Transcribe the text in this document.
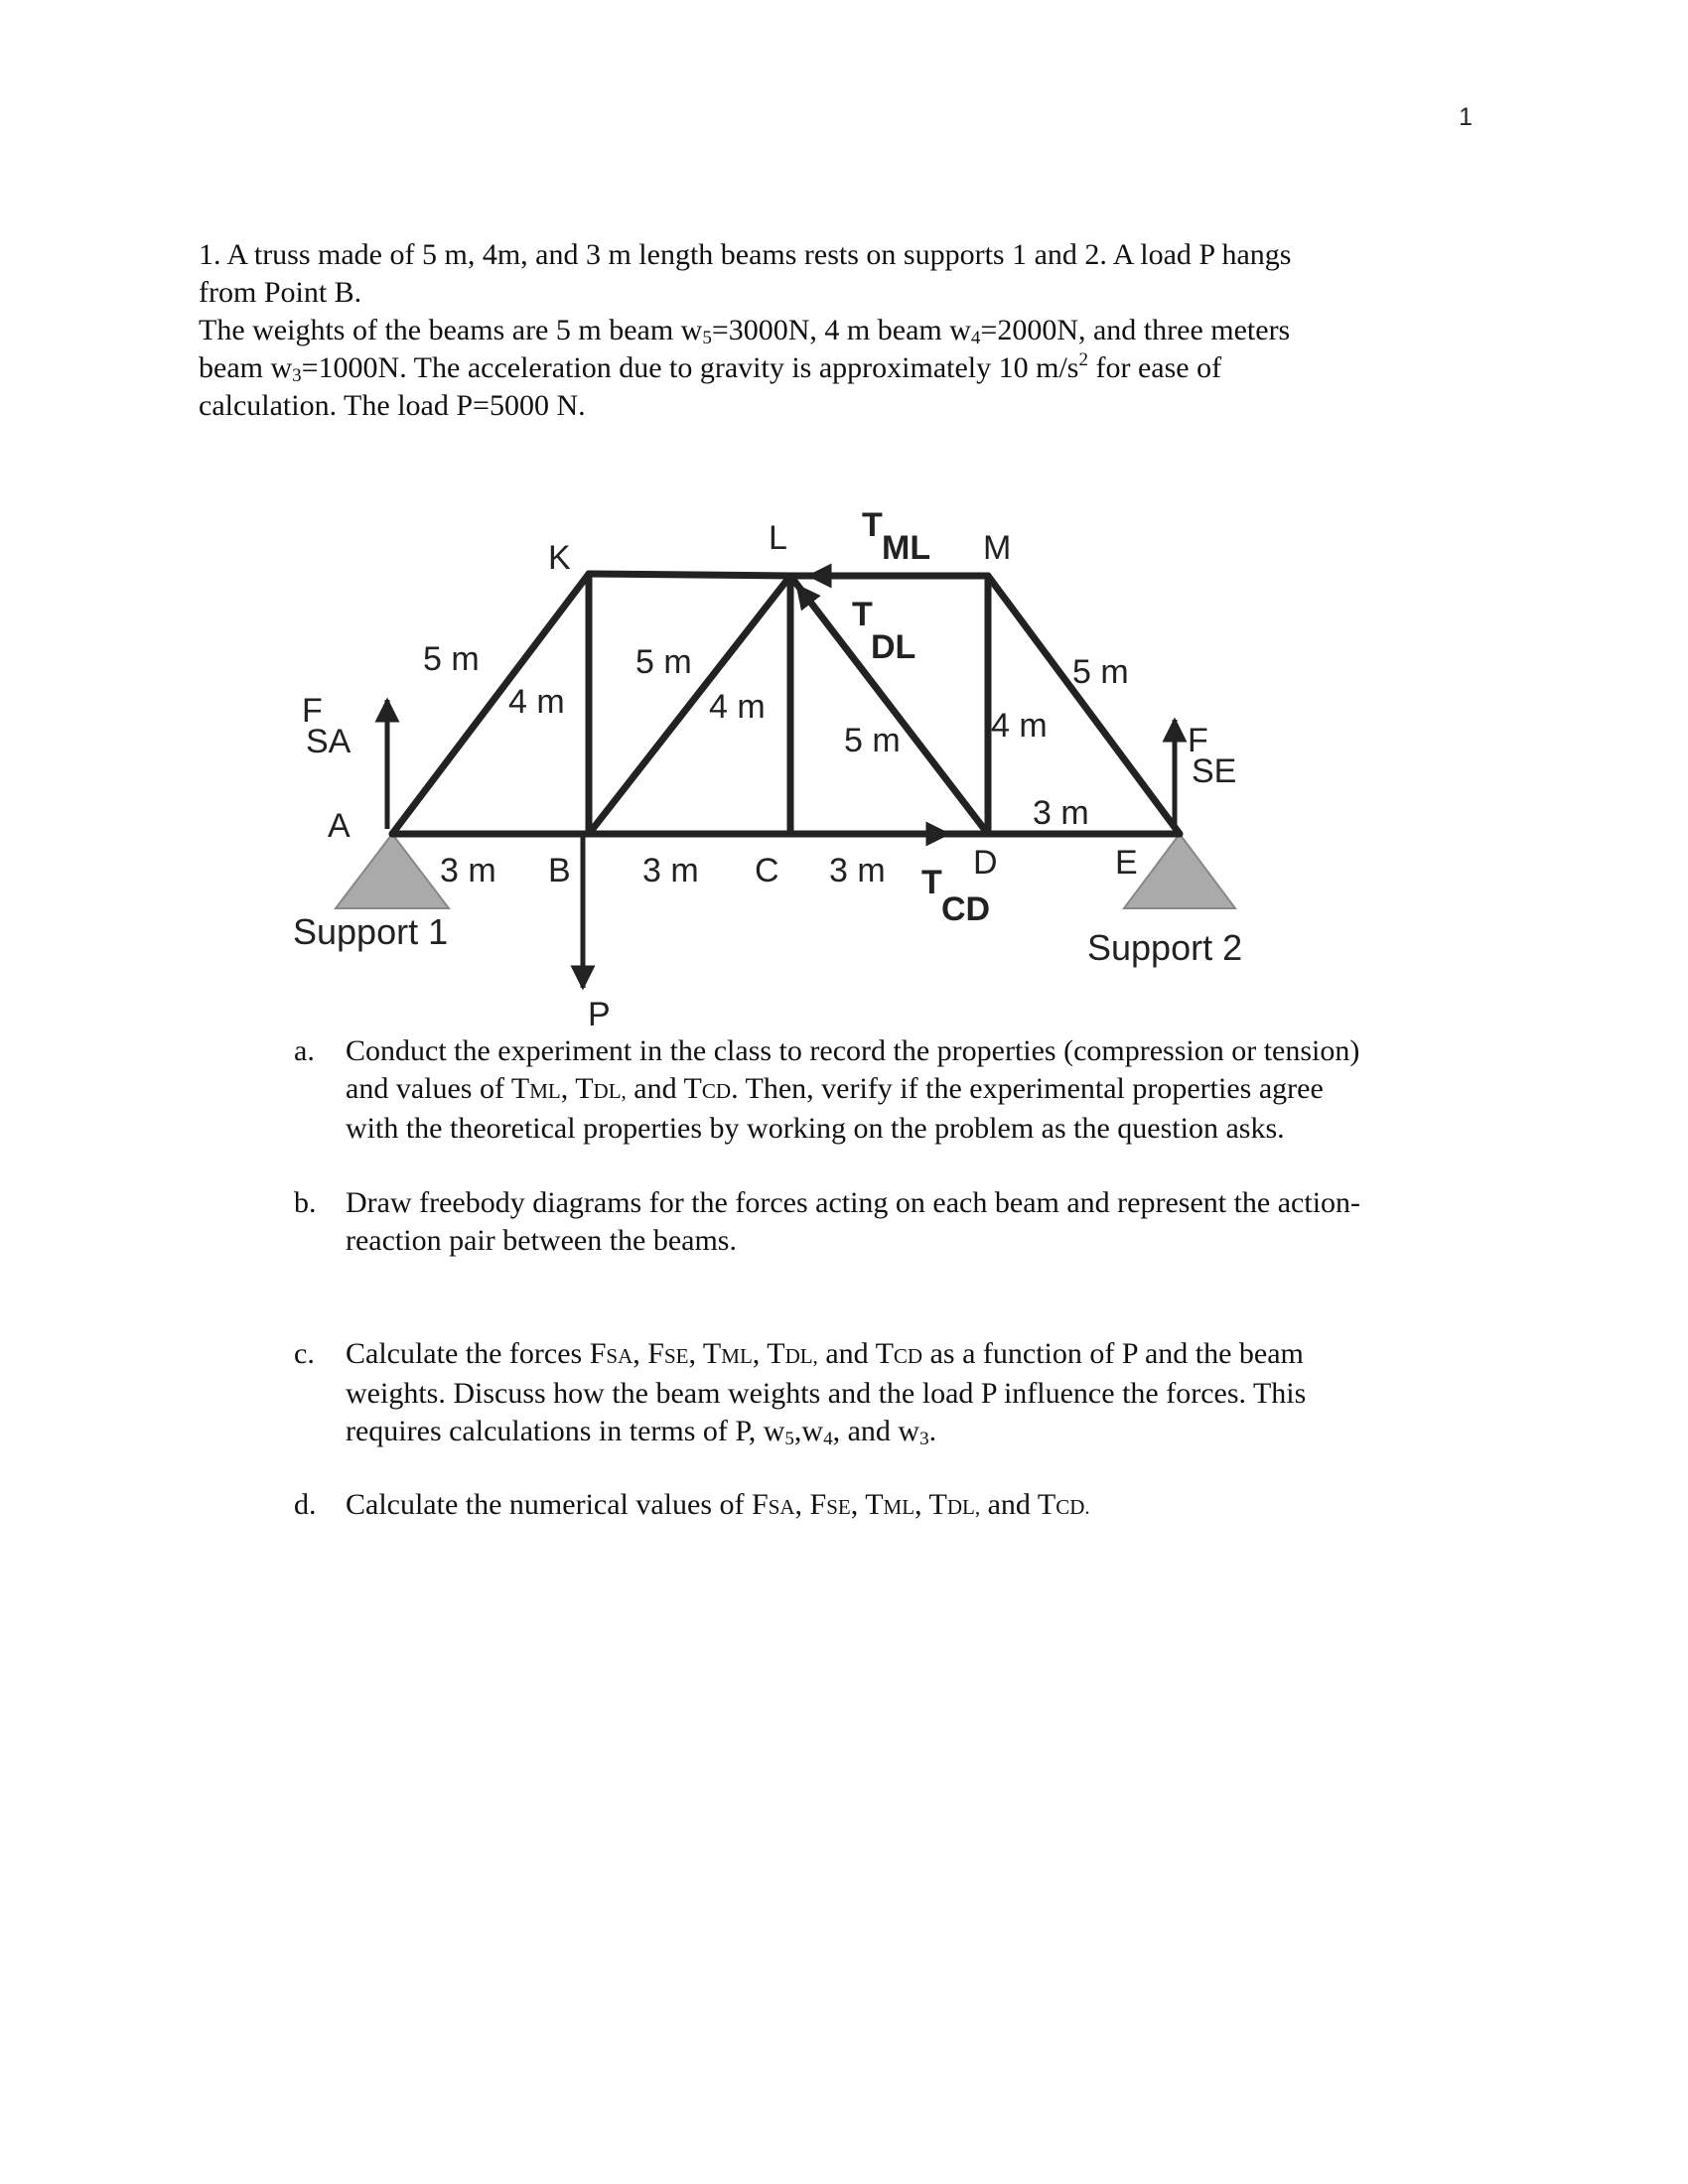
1

1. A truss made of 5 m, 4m, and 3 m length beams rests on supports 1 and 2. A load P hangs

from Point B.

The weights of the beams are 5 m beam $w_5=3000N$, 4 m beam $w_4=2000N$, and three meters

beam $w_3=1000N$. The acceleration due to gravity is approximately 10 $m/s^2$ for ease of

calculation. The load P=5000 N.

A
K
L	M
B	C	D	E
5 m
4 m
5 m
4 m
5 m	4 m
5 m
3 m	3 m	3 m
3 m
T
ML
T
DL
T
CD
F
SA	F
SE
P
Support 1	Support 2
a. Conduct the experiment in the class to record the properties (compression or tension)
and values of TML, TDL, and TCD. Then, verify if the experimental properties agree
with the theoretical properties by working on the problem as the question asks.
b. Draw freebody diagrams for the forces acting on each beam and represent the action-
reaction pair between the beams.
c. Calculate the forces FSA, FSE, TML, TDL, and TCD as a function of P and the beam
weights. Discuss how the beam weights and the load P influence the forces. This
requires calculations in terms of P, $w_5,w_4$, and $w_3$.
d. Calculate the numerical values of FSA, FSE, TML, TDL, and TCD.
